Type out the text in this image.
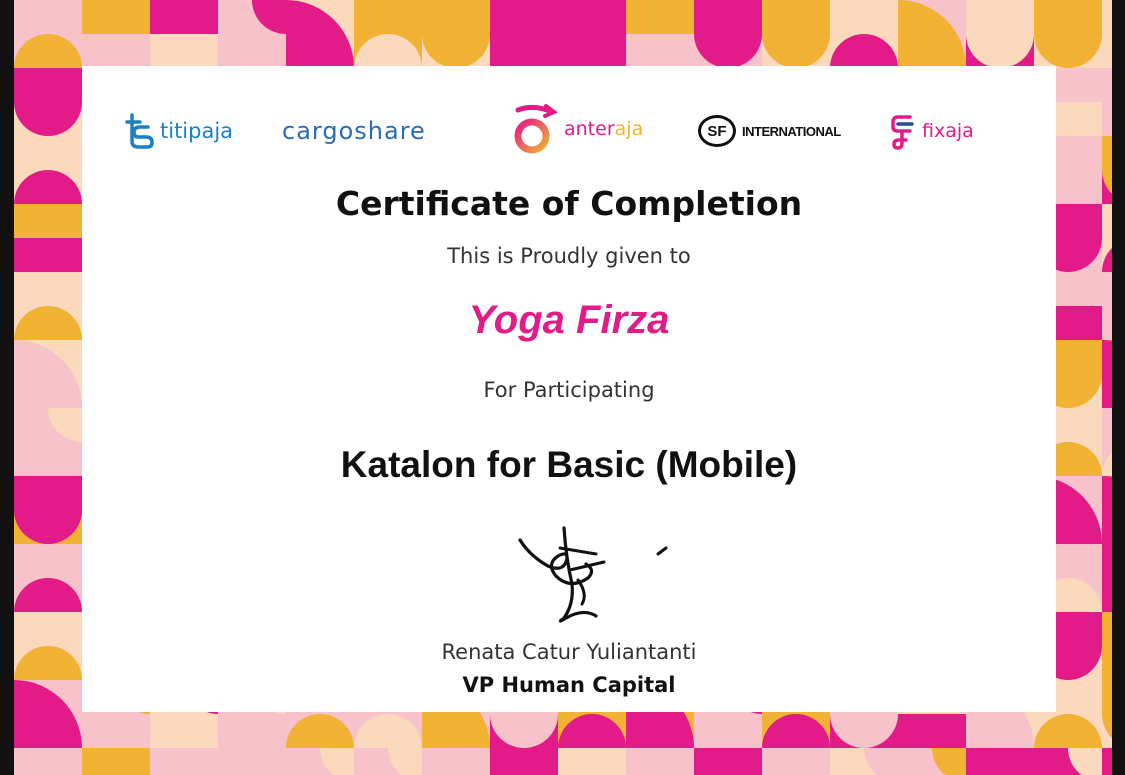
titipaja cargoshare	anteraja	SF INTERNATIONAL	fixaja
Certificate of Completion
This is Proudly given to
Yoga Firza
For Participating
Katalon for Basic (Mobile)
Renata Catur Yuliantanti
VP Human Capital
